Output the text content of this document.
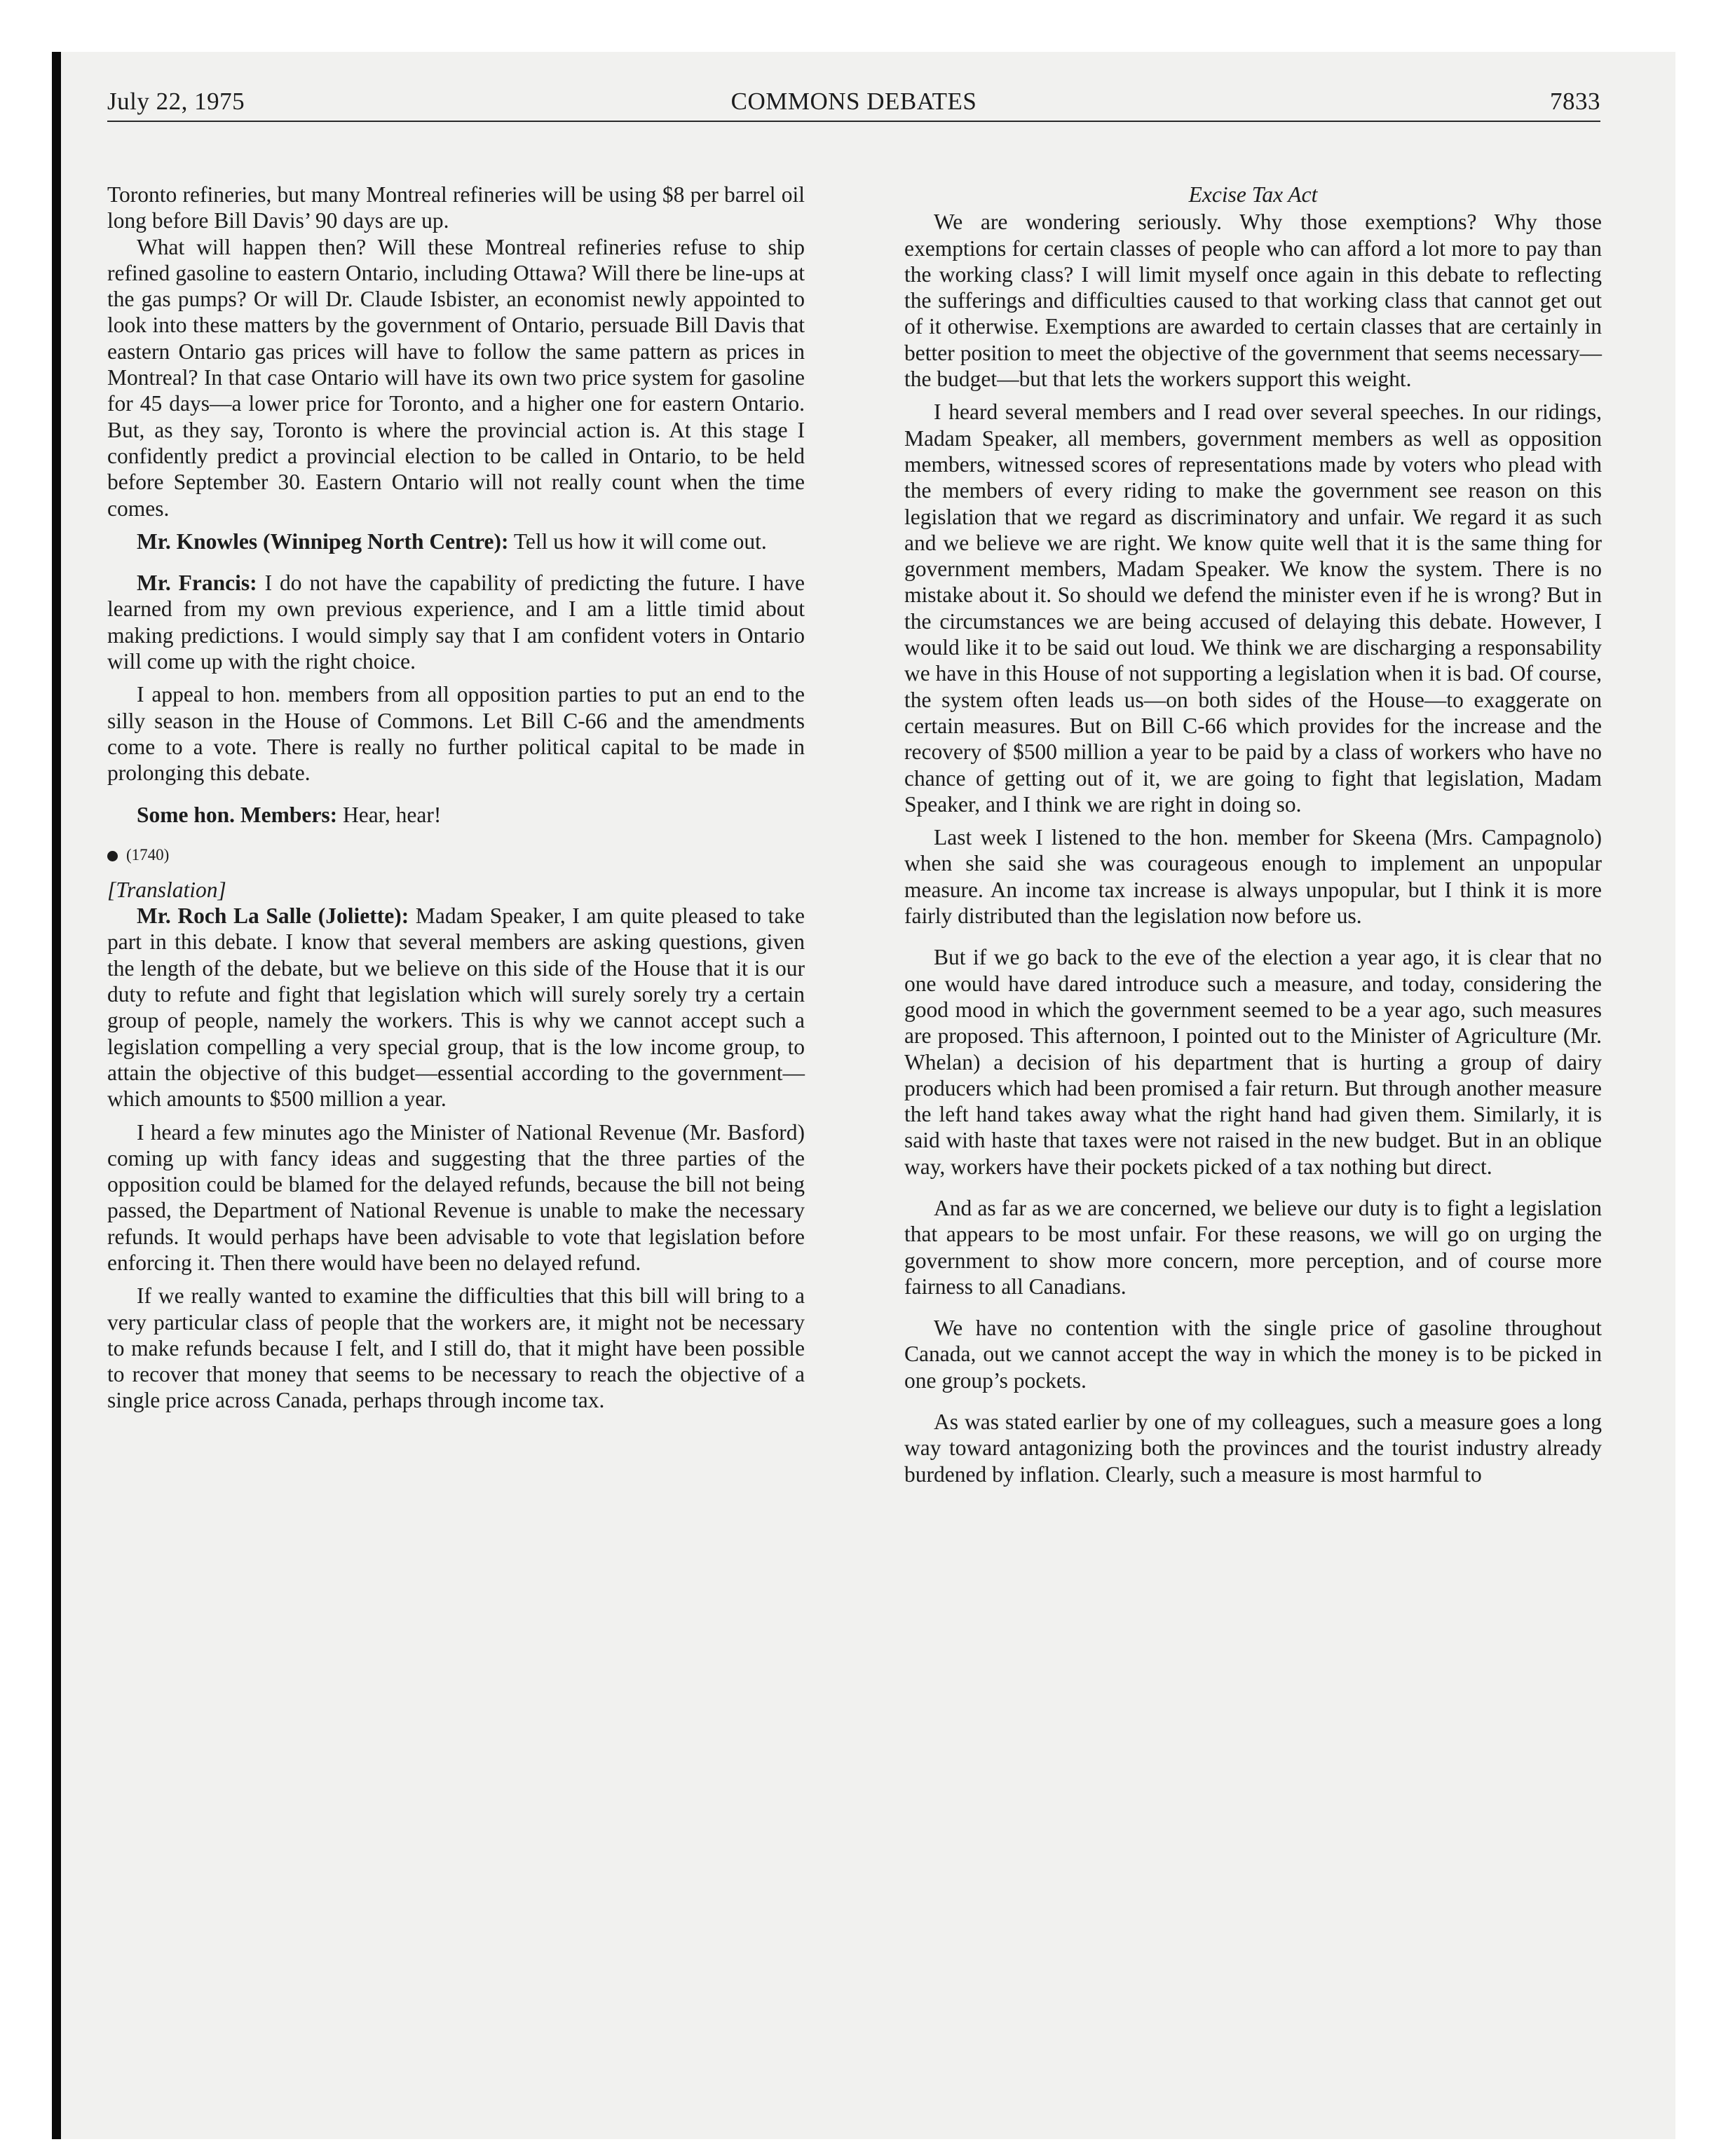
July 22, 1975	COMMONS DEBATES	7833

Toronto refineries, but many Montreal refineries will be using $8 per barrel oil long before Bill Davis’ 90 days are up.

What will happen then? Will these Montreal refineries refuse to ship refined gasoline to eastern Ontario, including Ottawa? Will there be line-ups at the gas pumps? Or will Dr. Claude Isbister, an economist newly appointed to look into these matters by the government of Ontario, persuade Bill Davis that eastern Ontario gas prices will have to follow the same pattern as prices in Montreal? In that case Ontario will have its own two price system for gasoline for 45 days—a lower price for Toronto, and a higher one for eastern Ontario. But, as they say, Toronto is where the provincial action is. At this stage I confidently predict a provincial election to be called in Ontario, to be held before September 30. Eastern Ontario will not really count when the time comes.

Mr. Knowles (Winnipeg North Centre): Tell us how it will come out.

Mr. Francis: I do not have the capability of predicting the future. I have learned from my own previous experience, and I am a little timid about making predictions. I would simply say that I am confident voters in Ontario will come up with the right choice.

I appeal to hon. members from all opposition parties to put an end to the silly season in the House of Commons. Let Bill C-66 and the amendments come to a vote. There is really no further political capital to be made in prolonging this debate.

Some hon. Members: Hear, hear!

(1740)
[Translation]

Mr. Roch La Salle (Joliette): Madam Speaker, I am quite pleased to take part in this debate. I know that several members are asking questions, given the length of the debate, but we believe on this side of the House that it is our duty to refute and fight that legislation which will surely sorely try a certain group of people, namely the workers. This is why we cannot accept such a legislation compelling a very special group, that is the low income group, to attain the objective of this budget—essential according to the government—which amounts to $500 million a year.

I heard a few minutes ago the Minister of National Revenue (Mr. Basford) coming up with fancy ideas and suggesting that the three parties of the opposition could be blamed for the delayed refunds, because the bill not being passed, the Department of National Revenue is unable to make the necessary refunds. It would perhaps have been advisable to vote that legislation before enforcing it. Then there would have been no delayed refund.

If we really wanted to examine the difficulties that this bill will bring to a very particular class of people that the workers are, it might not be necessary to make refunds because I felt, and I still do, that it might have been possible to recover that money that seems to be necessary to reach the objective of a single price across Canada, perhaps through income tax.

Excise Tax Act

We are wondering seriously. Why those exemptions? Why those exemptions for certain classes of people who can afford a lot more to pay than the working class? I will limit myself once again in this debate to reflecting the sufferings and difficulties caused to that working class that cannot get out of it otherwise. Exemptions are awarded to certain classes that are certainly in better position to meet the objective of the government that seems necessary—the budget—but that lets the workers support this weight.

I heard several members and I read over several speeches. In our ridings, Madam Speaker, all members, government members as well as opposition members, witnessed scores of representations made by voters who plead with the members of every riding to make the government see reason on this legislation that we regard as discriminatory and unfair. We regard it as such and we believe we are right. We know quite well that it is the same thing for government members, Madam Speaker. We know the system. There is no mistake about it. So should we defend the minister even if he is wrong? But in the circumstances we are being accused of delaying this debate. However, I would like it to be said out loud. We think we are discharging a responsability we have in this House of not supporting a legislation when it is bad. Of course, the system often leads us—on both sides of the House—to exaggerate on certain measures. But on Bill C-66 which provides for the increase and the recovery of $500 million a year to be paid by a class of workers who have no chance of getting out of it, we are going to fight that legislation, Madam Speaker, and I think we are right in doing so.

Last week I listened to the hon. member for Skeena (Mrs. Campagnolo) when she said she was courageous enough to implement an unpopular measure. An income tax increase is always unpopular, but I think it is more fairly distributed than the legislation now before us.

But if we go back to the eve of the election a year ago, it is clear that no one would have dared introduce such a measure, and today, considering the good mood in which the government seemed to be a year ago, such measures are proposed. This afternoon, I pointed out to the Minister of Agriculture (Mr. Whelan) a decision of his department that is hurting a group of dairy producers which had been promised a fair return. But through another measure the left hand takes away what the right hand had given them. Similarly, it is said with haste that taxes were not raised in the new budget. But in an oblique way, workers have their pockets picked of a tax nothing but direct.

And as far as we are concerned, we believe our duty is to fight a legislation that appears to be most unfair. For these reasons, we will go on urging the government to show more concern, more perception, and of course more fairness to all Canadians.

We have no contention with the single price of gasoline throughout Canada, out we cannot accept the way in which the money is to be picked in one group’s pockets.

As was stated earlier by one of my colleagues, such a measure goes a long way toward antagonizing both the provinces and the tourist industry already burdened by inflation. Clearly, such a measure is most harmful to
